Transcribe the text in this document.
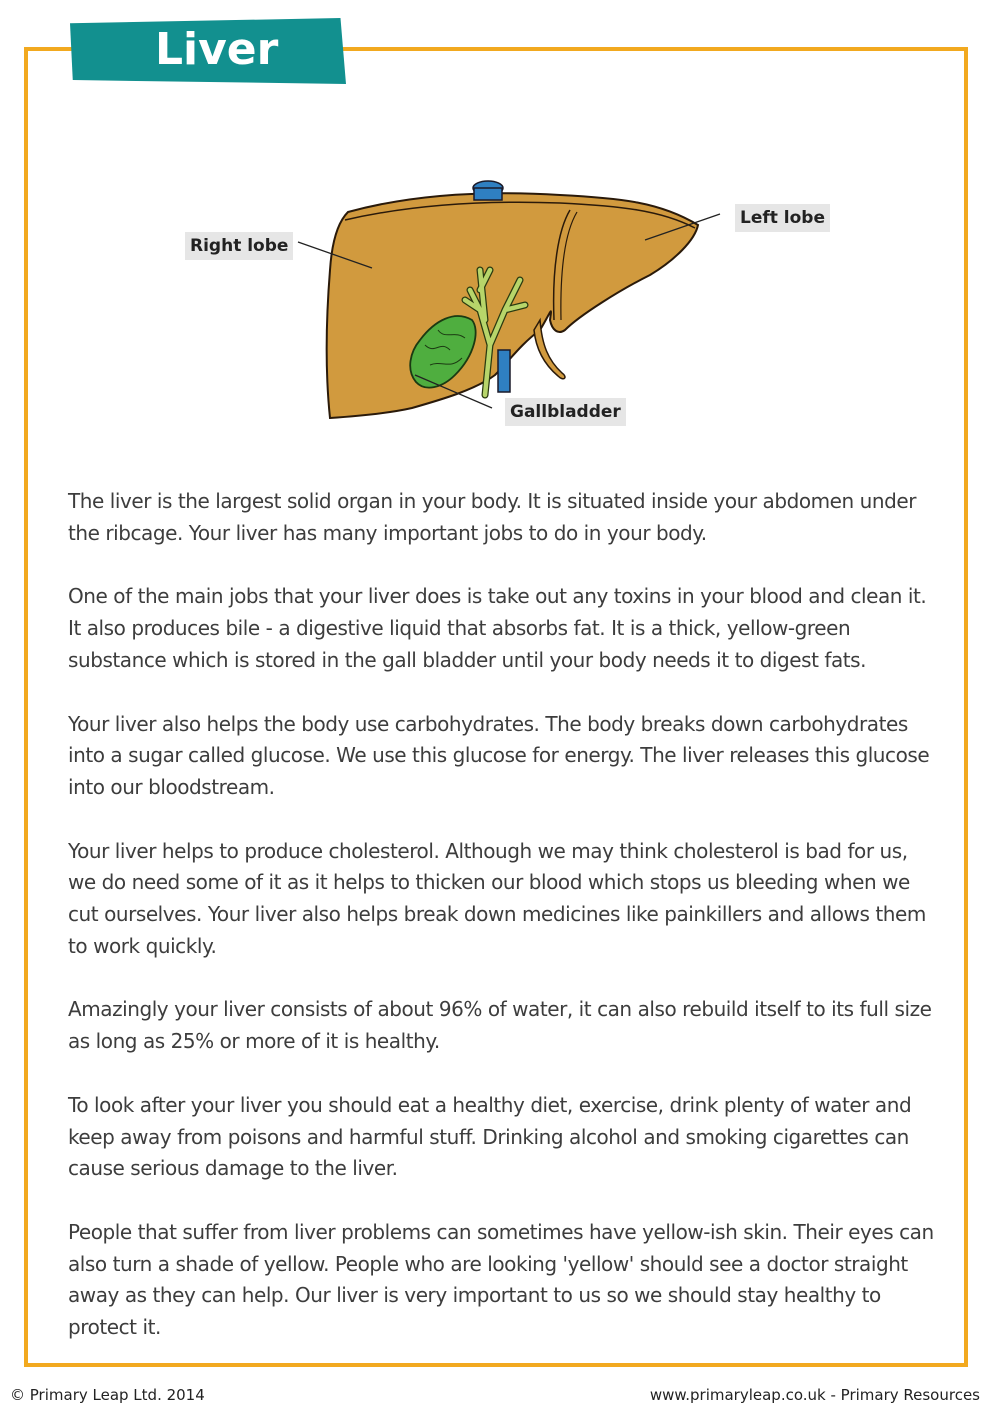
Liver
Right lobe
Left lobe
Gallbladder

The liver is the largest solid organ in your body. It is situated inside your abdomen under the ribcage. Your liver has many important jobs to do in your body.

One of the main jobs that your liver does is take out any toxins in your blood and clean it. It also produces bile - a digestive liquid that absorbs fat. It is a thick, yellow-green substance which is stored in the gall bladder until your body needs it to digest fats.

Your liver also helps the body use carbohydrates. The body breaks down carbohydrates into a sugar called glucose. We use this glucose for energy. The liver releases this glucose into our bloodstream.

Your liver helps to produce cholesterol. Although we may think cholesterol is bad for us, we do need some of it as it helps to thicken our blood which stops us bleeding when we cut ourselves. Your liver also helps break down medicines like painkillers and allows them to work quickly.

Amazingly your liver consists of about 96% of water, it can also rebuild itself to its full size as long as 25% or more of it is healthy.

To look after your liver you should eat a healthy diet, exercise, drink plenty of water and keep away from poisons and harmful stuff. Drinking alcohol and smoking cigarettes can cause serious damage to the liver.

People that suffer from liver problems can sometimes have yellow-ish skin. Their eyes can also turn a shade of yellow. People who are looking 'yellow' should see a doctor straight away as they can help. Our liver is very important to us so we should stay healthy to protect it.

© Primary Leap Ltd. 2014	www.primaryleap.co.uk - Primary Resources
